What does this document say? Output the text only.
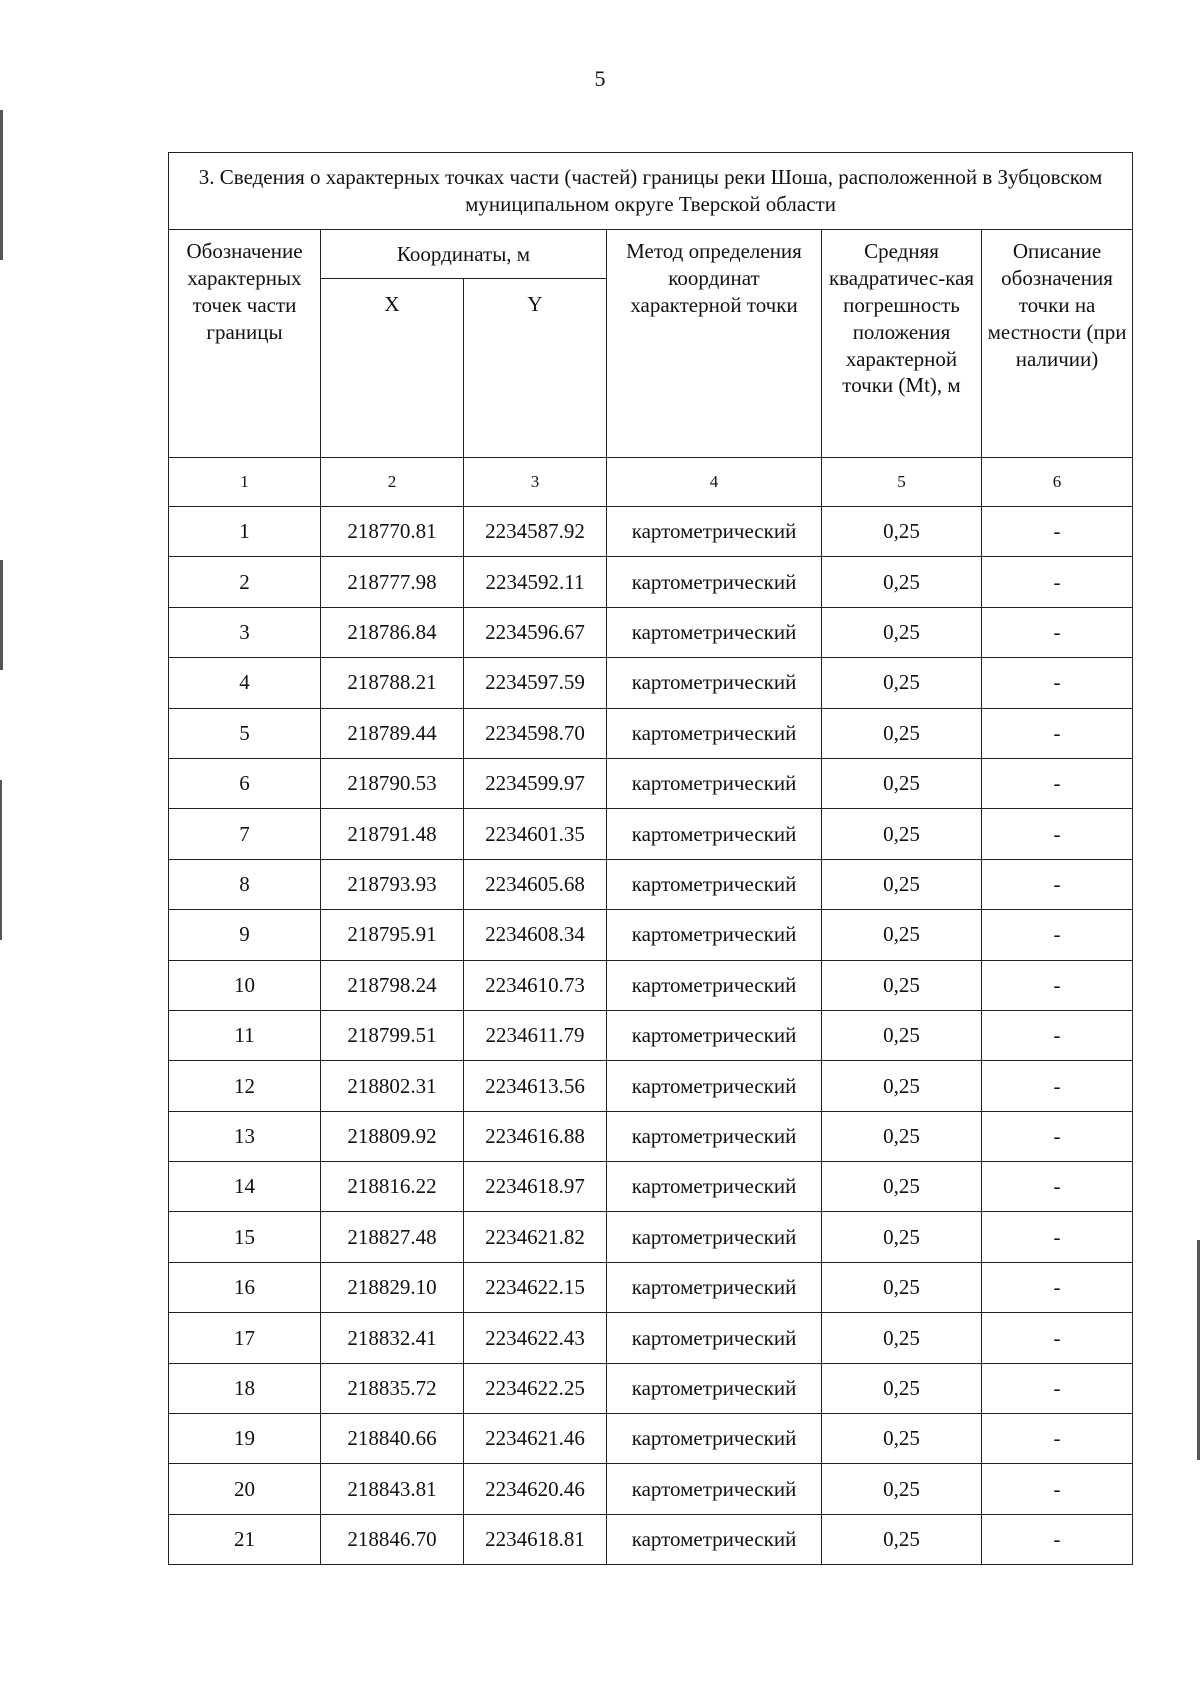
5
3. Сведения о характерных точках части (частей) границы реки Шоша, расположенной в Зубцовском муниципальном округе Тверской области					
Обозначение характерных точек части границы	Координаты, м		Метод определения координат характерной точки	Средняя квадратичес-кая погрешность положения характерной точки (Mt), м	Описание обозначения точки на местности (при наличии)
	X	Y			
1	2	3	4	5	6
1	218770.81	2234587.92	картометрический	0,25	-
2	218777.98	2234592.11	картометрический	0,25	-
3	218786.84	2234596.67	картометрический	0,25	-
4	218788.21	2234597.59	картометрический	0,25	-
5	218789.44	2234598.70	картометрический	0,25	-
6	218790.53	2234599.97	картометрический	0,25	-
7	218791.48	2234601.35	картометрический	0,25	-
8	218793.93	2234605.68	картометрический	0,25	-
9	218795.91	2234608.34	картометрический	0,25	-
10	218798.24	2234610.73	картометрический	0,25	-
11	218799.51	2234611.79	картометрический	0,25	-
12	218802.31	2234613.56	картометрический	0,25	-
13	218809.92	2234616.88	картометрический	0,25	-
14	218816.22	2234618.97	картометрический	0,25	-
15	218827.48	2234621.82	картометрический	0,25	-
16	218829.10	2234622.15	картометрический	0,25	-
17	218832.41	2234622.43	картометрический	0,25	-
18	218835.72	2234622.25	картометрический	0,25	-
19	218840.66	2234621.46	картометрический	0,25	-
20	218843.81	2234620.46	картометрический	0,25	-
21	218846.70	2234618.81	картометрический	0,25	-
